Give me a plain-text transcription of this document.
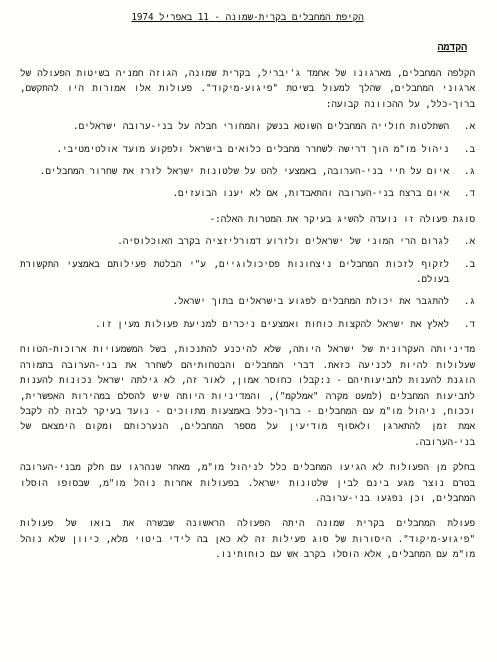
הקיפת המחבלים בקרית-שמונה - 11 באפריל 1974
הקדמה

הקלפה המחבלים, מארגונו של אחמד ג'יבריל, בקרית שמונה, הגוזה חמניה בשיטות הפעולה של ארגוני המחבלים, שהלך למעול בשיטת "פיגוע-מיקוד". פעולות אלו אמורות היו להתקשם, ברוך-כלל, על ההכוונה קבועה:

א.
השתלטות חולייה המחבלים השוטא בנשק והמחורי חבלה על בני-ערובה ישראלים.
ב.
ניהול מו"מ הוך דרישה לשחרר מחבלים כלואים בישראל ולפקוע מועד אולטימטיבי.
ג.
איום על חיי בני-הערובה, באמצעי להט על שלטונות ישראל לזרז את שחרור המחבלים.
ד.
איום ברצח בני-הערובה והתאבדות, אם לא יענו הבועזים.

סוגת פעולה זו נועדה להשיג בעיקר את המטרות האלה:-

א.
לגרום הרי המוני של ישראלים ולזרוע דמורליזציה בקרב האוכלוסיה.
ב.
לזקוף לזכות המחבלים ניצחונות פסיכולוגיים, ע"י הבלטת פעילותם באמצעי התקשורת בעולם.
ג.
להתגבר את יכולת המחבלים לפגוע בישראלים בתוך ישראל.
ד.
לאלץ את ישראל להקצות כוחות ואמצעים ניכרים למניעת פעולות מעין זו.

מדיניותה העקרונית של ישראל היותה, שלא להיכנע להתנכות, בשל המשמעויות ארוכות-הטווח שעלולות להיות לכניעה כזאת. דברי המחבלים והבטחותיהם לשחרר את בני-הערובה בתמורה הוגנת להענות לתביעותיהם - נ:קבלו כחוסר אמון, לאור זה, לא גילתה ישראל נכונות להענות לתביעות המחבלים (למעט מקרה "אמלקמ"), והמדיניות היותה שיש להסלם במהירות האפשרית, וככוח, ניהול מו"מ עם המחבלים - ברוך-כלל באמצעות מתווכים - נועד בעיקר לבזה לה לקבל אמת זמן להתארגן ולאסוף מודיעין על מספר המחבלים, הנערכותם ומקום הימצאם של בני-הערובה.

בחלק מן הפעולות לא הגיעו המחבלים כלל לניהול מו"מ, מאחר שנהרגו עם חלק מבני-הערובה בטרם נוצר מגע בינם לבין שלטונות ישראל. בפעולות אחרות נוהל מו"מ, שבסופו הוסלו המחבלים, וכן נפגעו בני-ערובה.

פעולת המחבלים בקרית שמונה היתה הפעולה הראשונה שבשרה את בואו של פעולות "פיגוע-מיקוד". היסורות של סוג פעילות זה לא כאן בה לידי ביטוי מלא, כיוון שלא נוהל מו"מ עם המחבלים, אלא הוסלו בקרב אש עם כוחותינו.
